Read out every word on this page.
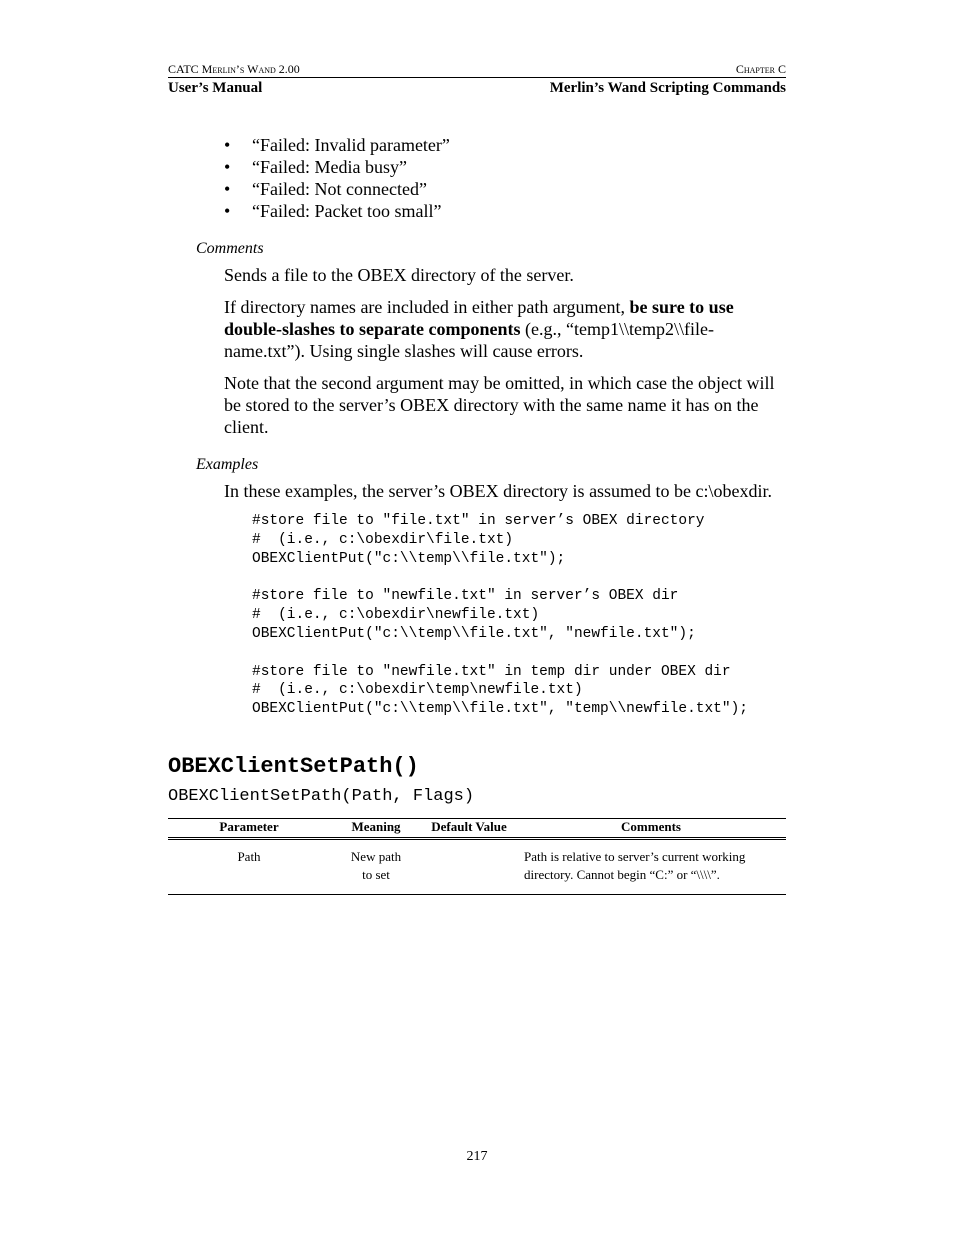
CATC Merlin’s Wand 2.00	Chapter C
User’s Manual	Merlin’s Wand Scripting Commands
• “Failed: Invalid parameter”
• “Failed: Media busy”
• “Failed: Not connected”
• “Failed: Packet too small”
Comments
Sends a file to the OBEX directory of the server.
If directory names are included in either path argument, be sure to use double-slashes to separate components (e.g., “temp1\\temp2\\file-name.txt”). Using single slashes will cause errors.
Note that the second argument may be omitted, in which case the object will be stored to the server’s OBEX directory with the same name it has on the client.
Examples
In these examples, the server’s OBEX directory is assumed to be c:\obexdir.
#store file to "file.txt" in server’s OBEX directory
#  (i.e., c:\obexdir\file.txt)
OBEXClientPut("c:\\temp\\file.txt");
#store file to "newfile.txt" in server’s OBEX dir
#  (i.e., c:\obexdir\newfile.txt)
OBEXClientPut("c:\\temp\\file.txt", "newfile.txt");
#store file to "newfile.txt" in temp dir under OBEX dir
#  (i.e., c:\obexdir\temp\newfile.txt)
OBEXClientPut("c:\\temp\\file.txt", "temp\\newfile.txt");
OBEXClientSetPath()
OBEXClientSetPath(Path, Flags)
Parameter	Meaning	Default Value	Comments
Path	New path to set		Path is relative to server’s current working directory. Cannot begin “C:” or “\\\\”.
217
